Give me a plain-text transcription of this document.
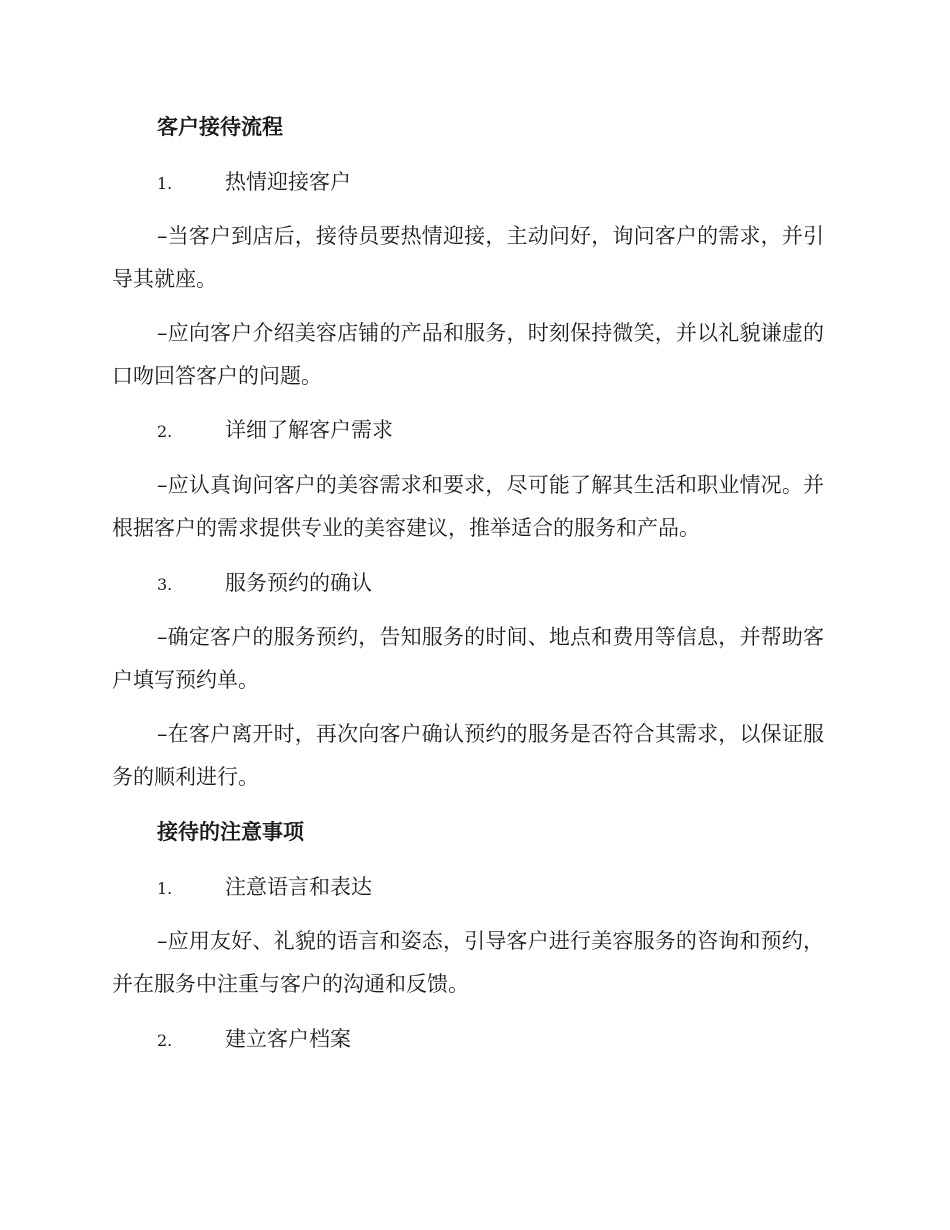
客户接待流程
1.	热情迎接客户
–当客户到店后，接待员要热情迎接，主动问好，询问客户的需求，并引导其就座。
–应向客户介绍美容店铺的产品和服务，时刻保持微笑，并以礼貌谦虚的口吻回答客户的问题。
2.	详细了解客户需求
–应认真询问客户的美容需求和要求，尽可能了解其生活和职业情况。并根据客户的需求提供专业的美容建议，推举适合的服务和产品。
3.	服务预约的确认
–确定客户的服务预约，告知服务的时间、地点和费用等信息，并帮助客户填写预约单。
–在客户离开时，再次向客户确认预约的服务是否符合其需求，以保证服务的顺利进行。
接待的注意事项
1.	注意语言和表达
–应用友好、礼貌的语言和姿态，引导客户进行美容服务的咨询和预约，并在服务中注重与客户的沟通和反馈。
2.	建立客户档案
